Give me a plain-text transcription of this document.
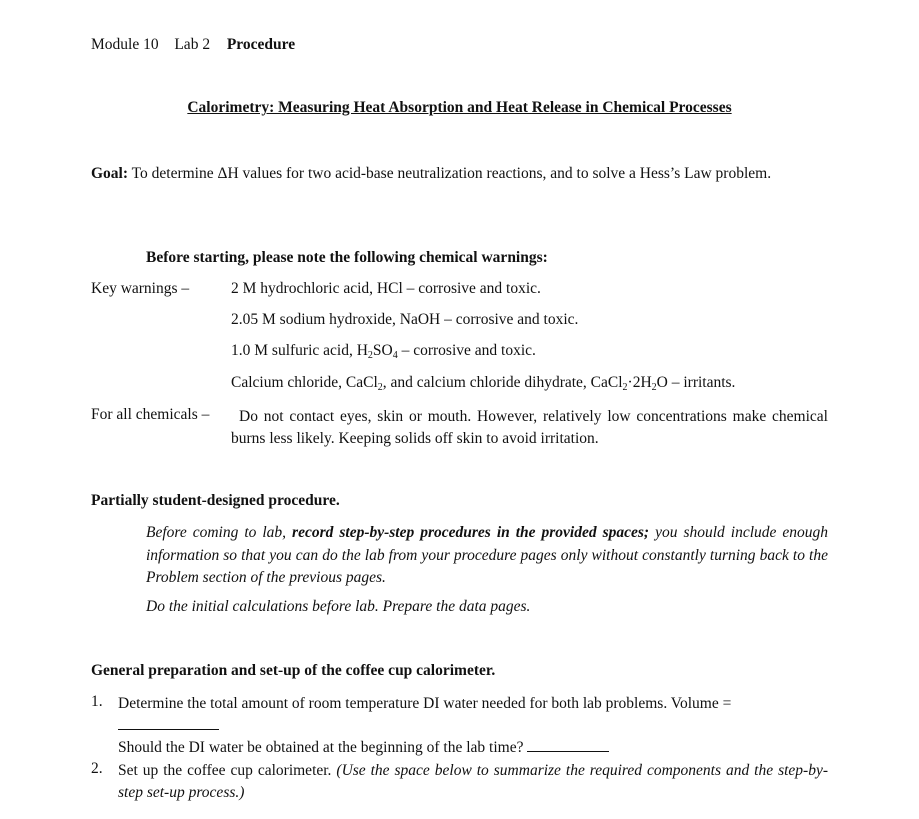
Module 10 Lab 2 Procedure
Calorimetry: Measuring Heat Absorption and Heat Release in Chemical Processes
Goal: To determine ΔH values for two acid-base neutralization reactions, and to solve a Hess’s Law problem.
Before starting, please note the following chemical warnings:
Key warnings –	2 M hydrochloric acid, HCl – corrosive and toxic.
2.05 M sodium hydroxide, NaOH – corrosive and toxic.
1.0 M sulfuric acid, $H_2SO_4$ – corrosive and toxic.
Calcium chloride, CaCl$_2$, and calcium chloride dihydrate, $CaCl_2\cdot 2H_2O$ – irritants.
For all chemicals –	Do not contact eyes, skin or mouth. However, relatively low concentrations make chemical burns less likely. Keeping solids off skin to avoid irritation.
Partially student-designed procedure.
Before coming to lab, record step-by-step procedures in the provided spaces; you should include enough information so that you can do the lab from your procedure pages only without constantly turning back to the Problem section of the previous pages.
Do the initial calculations before lab. Prepare the data pages.
General preparation and set-up of the coffee cup calorimeter.
1. Determine the total amount of room temperature DI water needed for both lab problems. Volume =
Should the DI water be obtained at the beginning of the lab time?
2. Set up the coffee cup calorimeter. (Use the space below to summarize the required components and the step-by-step set-up process.)
